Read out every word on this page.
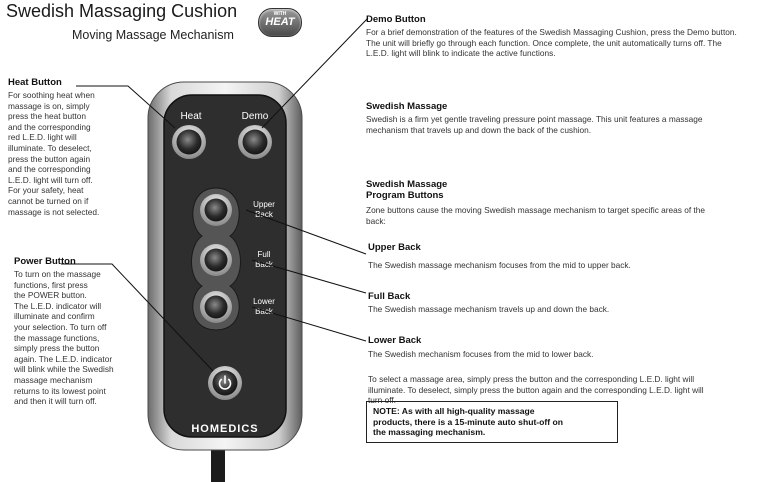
Swedish Massaging Cushion
Moving Massage Mechanism
WITH
HEAT
Heat	Demo
Upper
Back
Full
Back
Lower
Back
HOMEDICS
Heat Button
For soothing heat when
massage is on, simply
press the heat button
and the corresponding
red L.E.D. light will
illuminate. To deselect,
press the button again
and the corresponding
L.E.D. light will turn off.
For your safety, heat
cannot be turned on if
massage is not selected.
Power Button
To turn on the massage
functions, first press
the POWER button.
The L.E.D. indicator will
illuminate and confirm
your selection. To turn off
the massage functions,
simply press the button
again. The L.E.D. indicator
will blink while the Swedish
massage mechanism
returns to its lowest point
and then it will turn off.
Demo Button
For a brief demonstration of the features of the Swedish Massaging Cushion, press the Demo button.
The unit will briefly go through each function. Once complete, the unit automatically turns off. The
L.E.D. light will blink to indicate the active functions.
Swedish Massage
Swedish is a firm yet gentle traveling pressure point massage. This unit features a massage
mechanism that travels up and down the back of the cushion.
Swedish Massage
Program Buttons
Zone buttons cause the moving Swedish massage mechanism to target specific areas of the
back:
Upper Back
The Swedish massage mechanism focuses from the mid to upper back.
Full Back
The Swedish massage mechanism travels up and down the back.
Lower Back
The Swedish mechanism focuses from the mid to lower back.
To select a massage area, simply press the button and the corresponding L.E.D. light will
illuminate. To deselect, simply press the button again and the corresponding L.E.D. light will
turn off.
NOTE: As with all high-quality massage
products, there is a 15-minute auto shut-off on
the massaging mechanism.
